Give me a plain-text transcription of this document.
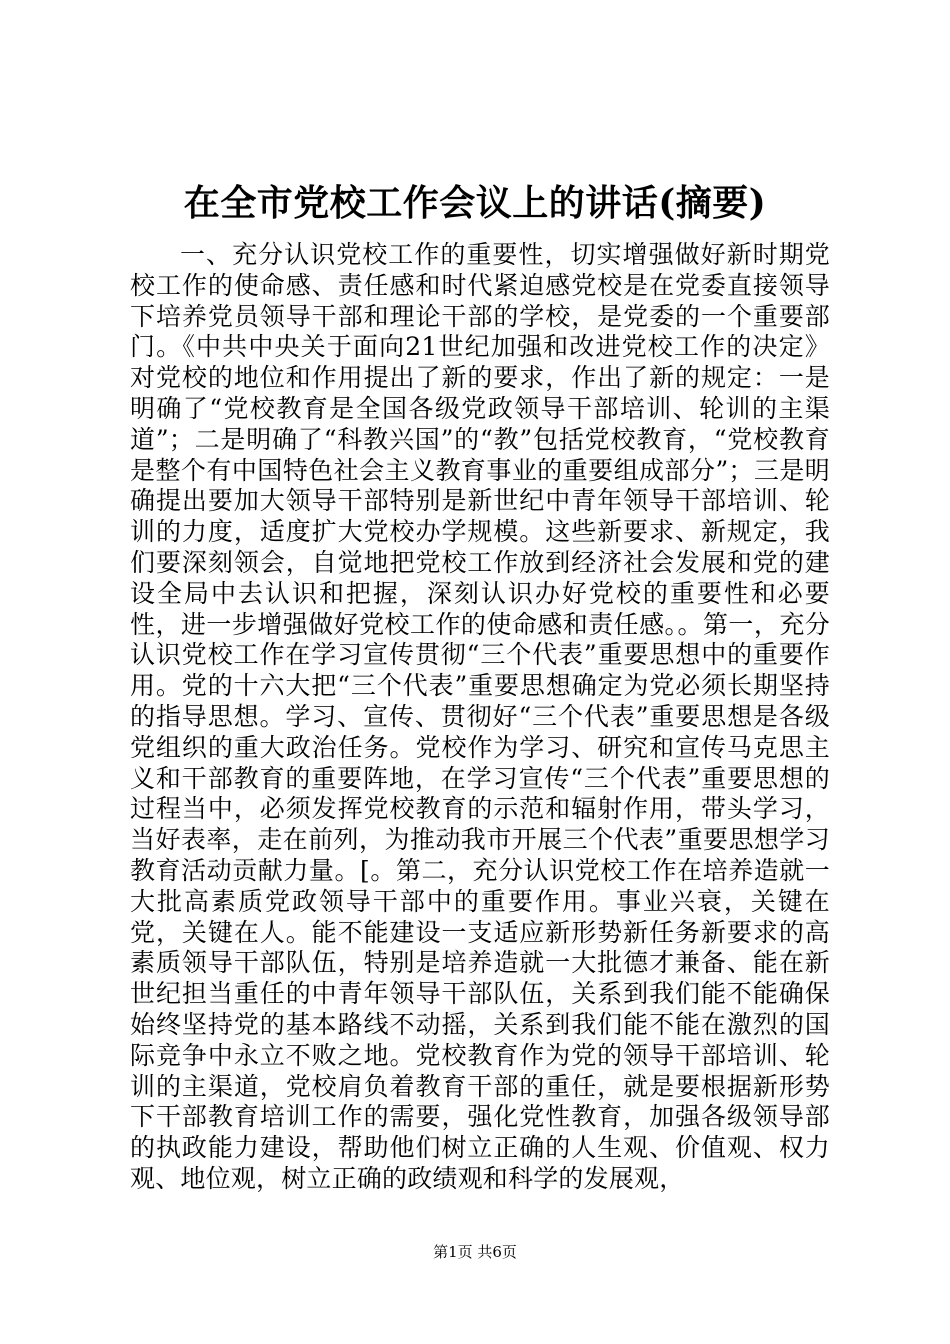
在全市党校工作会议上的讲话(摘要)

一、充分认识党校工作的重要性，切实增强做好新时期党校工作的使命感、责任感和时代紧迫感党校是在党委直接领导下培养党员领导干部和理论干部的学校，是党委的一个重要部门。《中共中央关于面向21世纪加强和改进党校工作的决定》对党校的地位和作用提出了新的要求，作出了新的规定：一是明确了“党校教育是全国各级党政领导干部培训、轮训的主渠道”；二是明确了“科教兴国”的“教”包括党校教育，“党校教育是整个有中国特色社会主义教育事业的重要组成部分”；三是明确提出要加大领导干部特别是新世纪中青年领导干部培训、轮训的力度，适度扩大党校办学规模。这些新要求、新规定，我们要深刻领会，自觉地把党校工作放到经济社会发展和党的建设全局中去认识和把握，深刻认识办好党校的重要性和必要性，进一步增强做好党校工作的使命感和责任感。。第一，充分认识党校工作在学习宣传贯彻“三个代表”重要思想中的重要作用。党的十六大把“三个代表”重要思想确定为党必须长期坚持的指导思想。学习、宣传、贯彻好“三个代表”重要思想是各级党组织的重大政治任务。党校作为学习、研究和宣传马克思主义和干部教育的重要阵地，在学习宣传“三个代表”重要思想的过程当中，必须发挥党校教育的示范和辐射作用，带头学习，当好表率，走在前列，为推动我市开展三个代表”重要思想学习教育活动贡献力量。[。第二，充分认识党校工作在培养造就一大批高素质党政领导干部中的重要作用。事业兴衰，关键在党，关键在人。能不能建设一支适应新形势新任务新要求的高素质领导干部队伍，特别是培养造就一大批德才兼备、能在新世纪担当重任的中青年领导干部队伍，关系到我们能不能确保始终坚持党的基本路线不动摇，关系到我们能不能在激烈的国际竞争中永立不败之地。党校教育作为党的领导干部培训、轮训的主渠道，党校肩负着教育干部的重任，就是要根据新形势下干部教育培训工作的需要，强化党性教育，加强各级领导部的执政能力建设，帮助他们树立正确的人生观、价值观、权力观、地位观，树立正确的政绩观和科学的发展观，

第1页 共6页
